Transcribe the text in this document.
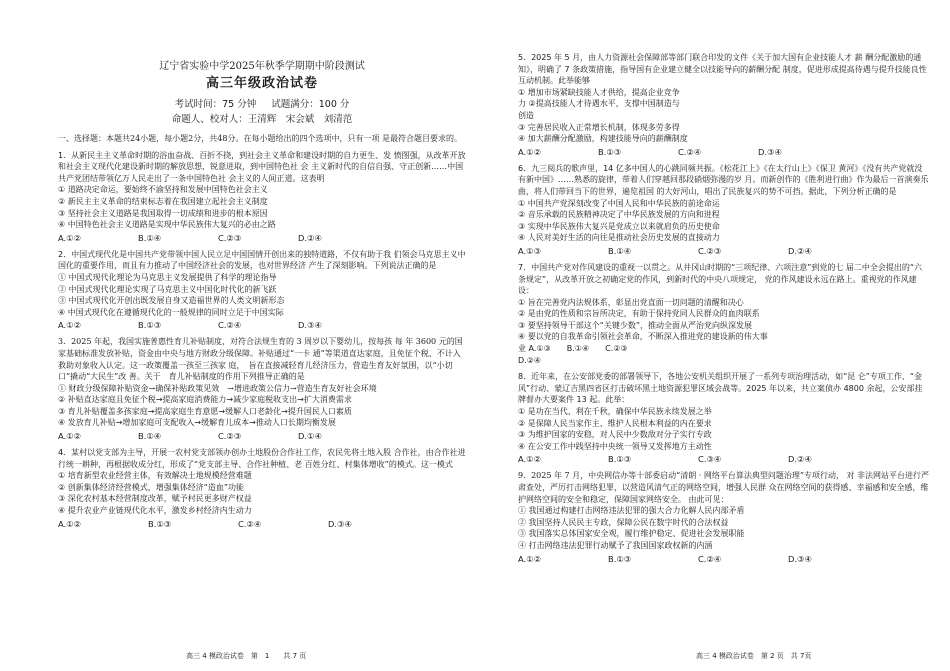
辽宁省实验中学2025年秋季学期期中阶段测试
高三年级政治试卷
考试时间：75 分钟 试题满分：100 分
命题人、校对人：王清辉　宋会斌　刘清范

一、选择题：本题共24小题，每小题2分，共48分。在每小题给出的四个选项中，只有一项 是最符合题目要求的。

1．从新民主主义革命时期的浴血奋战、百折不挠，到社会主义革命和建设时期的自力更生、发 愤图强，从改革开放和社会主义现代化建设新时期的解放思想，锐意进取，到中国特色社 会 主义新时代的自信自强、守正创新……中国共产党团结带领亿万人民走出了一条中国特色社 会主义的人间正道。这表明

① 道路决定命运，要始终不渝坚持和发展中国特色社会主义
② 新民主主义革命的结束标志着在我国建立起社会主义制度
③ 坚持社会主义道路是我国取得一切成绩和进步的根本原因
④ 中国特色社会主义道路是实现中华民族伟大复兴的必由之路
A.①②	B.①④	C.②③	D.②④

2．中国式现代化是中国共产党带领中国人民立足中国国情开创出来的独特道路，不仅有助于我 们领会马克思主义中国化的重要作用，而且有力推动了中国经济社会的发展，也对世界经济 产生了深刻影响。下列说法正确的是

① 中国式现代化理论为马克思主义发展提供了科学的理论指导
② 中国式现代化理论实现了马克思主义中国化时代化的新飞跃
③ 中国式现代化开创出既发展自身又造福世界的人类文明新形态
④ 中国式现代化在遵循现代化的一般规律的同时立足于中国实际
A.①②	B.①③	C.②④	D.③④

3．2025 年起，我国实施普惠性育儿补贴制度，对符合法规生育的 3 周岁以下婴幼儿，按每孩 每 年 3600 元的国家基础标准发放补贴，资金由中央与地方财政分级保障。补贴通过“一卡 通”等渠道直达家庭，且免征个税、不计入救助对象收入认定。这一政策覆盖一孩至三孩家 庭，　旨在直接减轻育儿经济压力，营造生育友好氛围，以“小切口”撬动“大民生”改 善。关于　育儿补贴制度的作用下列推导正确的是

① 财政分级保障补贴资金→确保补贴政策见效　→增进政策公信力→营造生育友好社会环境
② 补贴直达家庭且免征个税→提高家庭消费能力→减少家庭税收支出→扩大消费需求
③ 育儿补贴覆盖多孩家庭→提高家庭生育意愿→缓解人口老龄化→提升国民人口素质
④ 发放育儿补贴→增加家庭可支配收入→缓解育儿成本→推动人口长期均衡发展
A.①②	B.①④	C.②③	D.①④

4．某村以党支部为主导，开展一农村党支部领办创办土地股份合作社工作，农民先将土地入股 合作社，由合作社进行统一耕种，再根据收成分红，形成了“党支部主导、合作社种植、老 百姓分红、村集体增收”的模式。这一模式

① 培育新型农业经营主体，有效解决土地规模经营难题
② 创新集体经济经营模式，增强集体经济“造血”功能
③ 深化农村基本经营制度改革，赋予村民更多财产权益
④ 提升农业产业链现代化水平，激发乡村经济内生动力
A.①②	B.①③	C.②④	D.③④
高三 4 模政治试卷　第　1　　共 7 页

5．2025 年 5 月，由人力资源社会保障部等部门联合印发的文件《关于加大国有企业技能人才 薪 酬分配激励的通知》，明确了 7 条政策措施，指导国有企业建立健全以技能导向的薪酬分配 制度，促进形成提高待遇与提升技能良性互动机制。此举能够

① 增加市场紧缺技能人才供给，提高企业竞争
力 ②提高技能人才待遇水平，支撑中国制造与
创造
③ 完善居民收入正常增长机制，体现多劳多得
④ 加大薪酬分配激励，构建技能导向的薪酬制度
A.①②	B.①③	C.②④	D.③④

6．九三阅兵的歌声里，14 亿多中国人的心跳同频共振。《松花江上》《在太行山上》《保卫 黄河》《没有共产党就没有新中国》……熟悉的旋律，带着人们穿越回那段硝烟弥漫的岁 月。而新创作的《胜利进行曲》作为最后一首演奏乐曲，将人们带回当下的世界，遍览祖国 的大好河山，唱出了民族复兴的势不可挡。据此，下列分析正确的是

① 中国共产党深刻改变了中国人民和中华民族的前途命运
② 音乐承载的民族精神决定了中华民族发展的方向和进程
③ 实现中华民族伟大复兴是党成立以来就肩负的历史使命
④ 人民对美好生活的向往是推动社会历史发展的直接动力
A.①③	B.①④	C.②③	D.②④

7．中国共产党对作风建设的重视一以贯之。从井冈山时期的“三项纪律、六项注意”到党的七 届二中全会提出的“六条规定”，从改革开放之初确定党的作风，到新时代的中央八项规定， 党的作风建设永远在路上。重视党的作风建设：

① 旨在完善党内法规体系，彰显出党直面一切问题的清醒和决心
② 是由党的性质和宗旨所决定，有助于保持党同人民群众的血肉联系
③ 要坚持领导干部这个“关键少数”，推动全面从严治党向纵深发展
④ 要以党的自我革命引领社会革命，不断深入推进党的建设新的伟大事
业 A.①③　　B.①④　　C.②③
D.②④

8．近年来，在公安部党委的部署领导下，各地公安机关组织开展了一系列专项治理活动，如“昆 仑”专项工作、“金风”行动、蒙辽吉黑四省区打击破坏黑土地资源犯罪区域会战等。2025 年以来，共立案侦办 4800 余起，公安部挂牌督办大要案件 13 起。此举：

① 是功在当代、利在千秋，确保中华民族永续发展之举
② 是保障人民当家作主、维护人民根本利益的内在要求
③ 为维护国家的安稳，对人民中少数敌对分子实行专政
④ 在公安工作中践坚持中央统一领导又发挥地方主动性
A.①②	B.①③	C.③④	D.②④

9．2025 年 7 月，中央网信办等十部委启动“清朗 · 网络平台算法典型问题治理”专项行动， 对 非法网站平台进行严肃查处，严厉打击网络犯罪，以营造风清气正的网络空间，增强人民群 众在网络空间的获得感、幸福感和安全感，维护网络空间的安全和稳定，保障国家网络安全。 由此可见：

① 我国通过构建打击网络违法犯罪的强大合力化解人民内部矛盾
② 我国坚持人民民主专政，保障公民在数字时代的合法权益
③ 我国落实总体国家安全观，履行维护稳定、促进社会发展职能
④ 打击网络违法犯罪行动赋予了我国国家政权新的内涵
A.①②	B.①③	C.②④	D.③④
高三 4 模政治试卷　第 2 页　共 7页
